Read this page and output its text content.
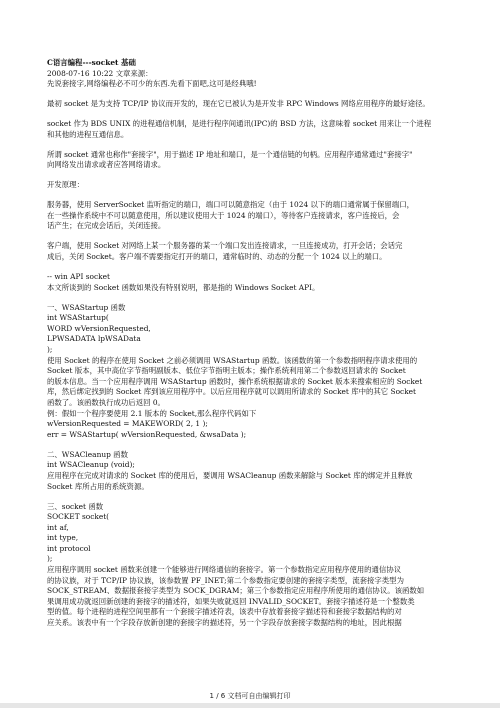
C语言编程---socket 基础
2008-07-16 10:22 文章来源：
先说套接字,网络编程必不可少的东西.先看下面吧,这可是经典哦!
最初 socket 是为支持 TCP/IP 协议而开发的，现在它已被认为是开发非 RPC Windows 网络应用程序的最好途径。
socket 作为 BDS UNIX 的进程通信机制，是进行程序间通讯(IPC)的 BSD 方法，这意味着 socket 用来让一个进程
和其他的进程互通信息。
所谓 socket 通常也称作"套接字"，用于描述 IP 地址和端口，是一个通信链的句柄。应用程序通常通过"套接字"
向网络发出请求或者应答网络请求。
开发原理：
服务器，使用 ServerSocket 监听指定的端口，端口可以随意指定（由于 1024 以下的端口通常属于保留端口，
在一些操作系统中不可以随意使用，所以建议使用大于 1024 的端口），等待客户连接请求，客户连接后，会
话产生；在完成会话后，关闭连接。
客户端，使用 Socket 对网络上某一个服务器的某一个端口发出连接请求，一旦连接成功，打开会话；会话完
成后，关闭 Socket。客户端不需要指定打开的端口，通常临时的、动态的分配一个 1024 以上的端口。
-- win API socket
本文所谈到的 Socket 函数如果没有特别说明，都是指的 Windows Socket API。
一、WSAStartup 函数
int WSAStartup(
WORD wVersionRequested,
LPWSADATA lpWSAData
);
使用 Socket 的程序在使用 Socket 之前必须调用 WSAStartup 函数。该函数的第一个参数指明程序请求使用的
Socket 版本，其中高位字节指明副版本、低位字节指明主版本；操作系统利用第二个参数返回请求的 Socket
的版本信息。当一个应用程序调用 WSAStartup 函数时，操作系统根据请求的 Socket 版本来搜索相应的 Socket
库，然后绑定找到的 Socket 库到该应用程序中。以后应用程序就可以调用所请求的 Socket 库中的其它 Socket
函数了。该函数执行成功后返回 0。
例：假如一个程序要使用 2.1 版本的 Socket,那么程序代码如下
wVersionRequested = MAKEWORD( 2, 1 );
err = WSAStartup( wVersionRequested, &wsaData );
二、WSACleanup 函数
int WSACleanup (void);
应用程序在完成对请求的 Socket 库的使用后，要调用 WSACleanup 函数来解除与 Socket 库的绑定并且释放
Socket 库所占用的系统资源。
三、socket 函数
SOCKET socket(
int af,
int type,
int protocol
);
应用程序调用 socket 函数来创建一个能够进行网络通信的套接字。第一个参数指定应用程序使用的通信协议
的协议族，对于 TCP/IP 协议族，该参数置 PF_INET;第二个参数指定要创建的套接字类型，流套接字类型为
SOCK_STREAM、数据报套接字类型为 SOCK_DGRAM；第三个参数指定应用程序所使用的通信协议。该函数如
果调用成功就返回新创建的套接字的描述符，如果失败就返回 INVALID_SOCKET。套接字描述符是一个整数类
型的值。每个进程的进程空间里都有一个套接字描述符表，该表中存放着套接字描述符和套接字数据结构的对
应关系。该表中有一个字段存放新创建的套接字的描述符，另一个字段存放套接字数据结构的地址，因此根据
1 / 6 文档可自由编辑打印
